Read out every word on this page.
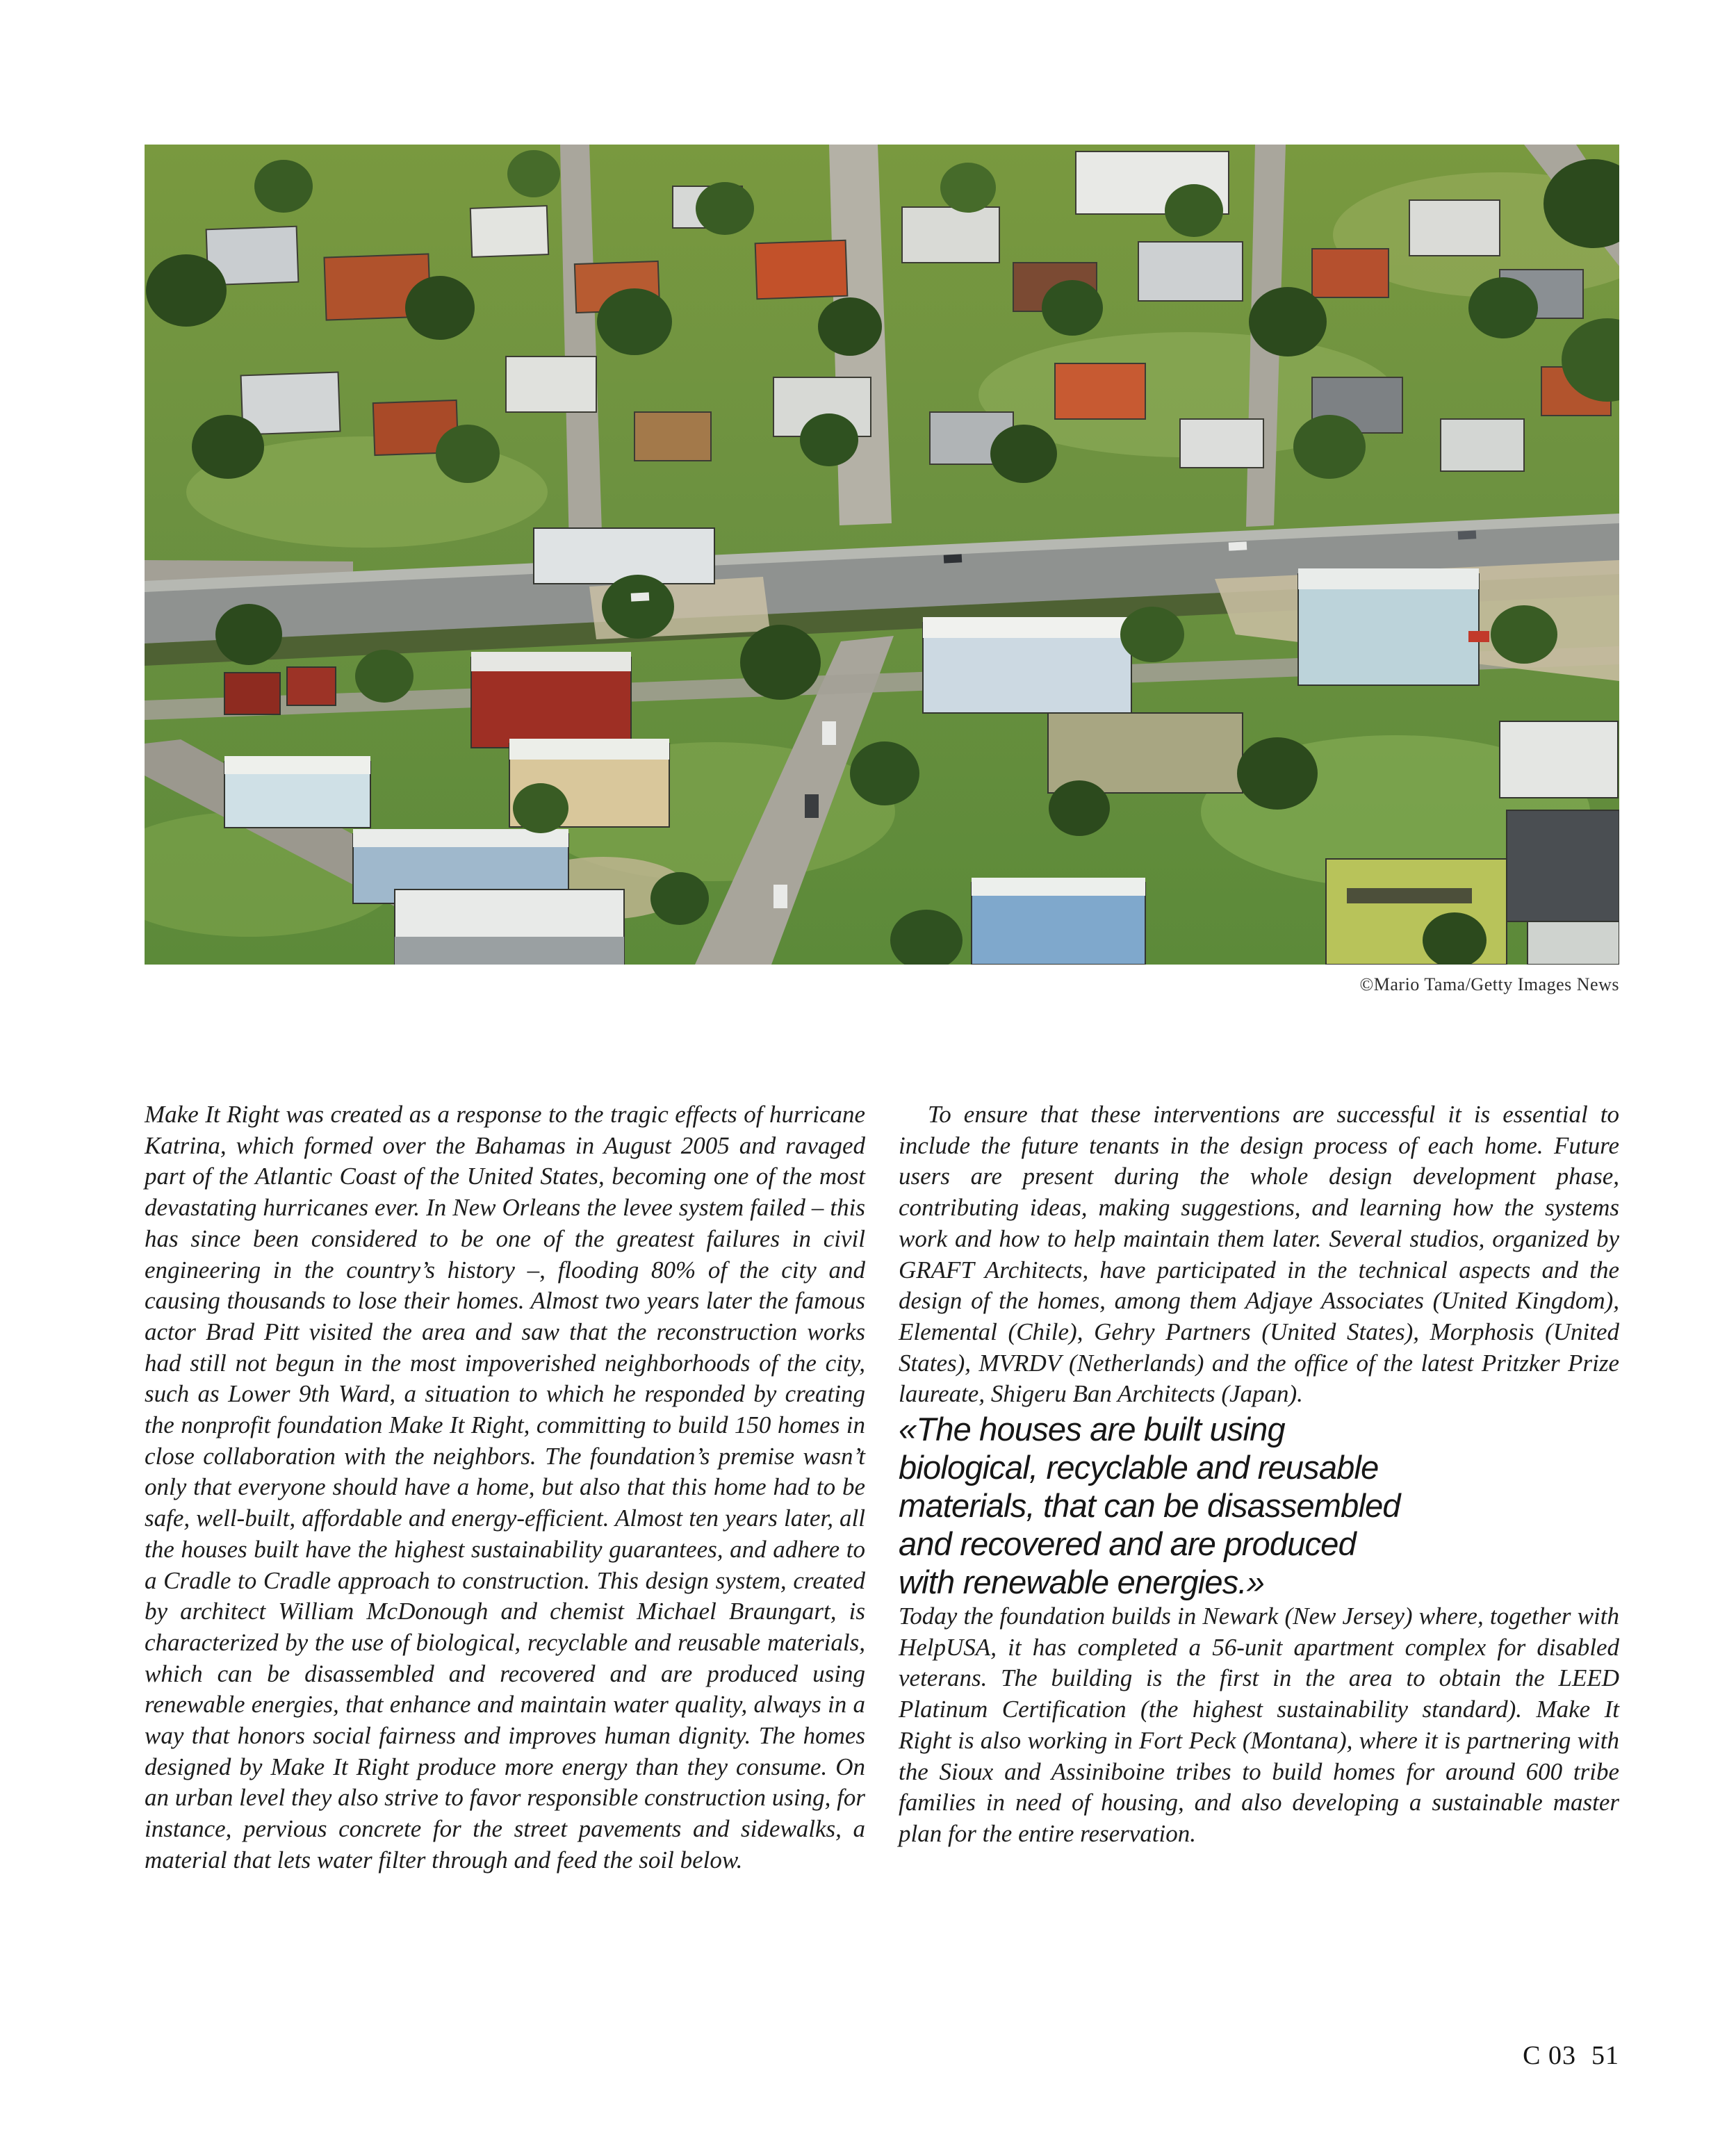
©Mario Tama/Getty Images News

Make It Right was created as a response to the tragic effects of hurricane Katrina, which formed over the Bahamas in August 2005 and ravaged part of the Atlantic Coast of the United States, becoming one of the most devastating hurricanes ever. In New Orleans the levee system failed – this has since been considered to be one of the greatest failures in civil engineering in the country’s history –, flooding 80% of the city and causing thousands to lose their homes. Almost two years later the famous actor Brad Pitt visited the area and saw that the reconstruction works had still not begun in the most impoverished neighborhoods of the city, such as Lower 9th Ward, a situation to which he responded by creating the nonprofit foundation Make It Right, committing to build 150 homes in close collaboration with the neighbors. The foundation’s premise wasn’t only that everyone should have a home, but also that this home had to be safe, well-built, affordable and energy-efficient. Almost ten years later, all the houses built have the highest sustainability guarantees, and adhere to a Cradle to Cradle approach to construction. This design system, created by architect William McDonough and chemist Michael Braungart, is characterized by the use of biological, recyclable and reusable materials, which can be disassembled and recovered and are produced using renewable energies, that enhance and maintain water quality, always in a way that honors social fairness and improves human dignity. The homes designed by Make It Right produce more energy than they consume. On an urban level they also strive to favor responsible construction using, for instance, pervious concrete for the street pavements and sidewalks, a material that lets water filter through and feed the soil below.

To ensure that these interventions are successful it is essential to include the future tenants in the design process of each home. Future users are present during the whole design development phase, contributing ideas, making suggestions, and learning how the systems work and how to help maintain them later. Several studios, organized by GRAFT Architects, have participated in the technical aspects and the design of the homes, among them Adjaye Associates (United Kingdom), Elemental (Chile), Gehry Partners (United States), Morphosis (United States), MVRDV (Netherlands) and the office of the latest Pritzker Prize laureate, Shigeru Ban Architects (Japan).

«The houses are built using biological, recyclable and reusable materials, that can be disassembled and recovered and are produced with renewable energies.»

Today the foundation builds in Newark (New Jersey) where, together with HelpUSA, it has completed a 56-unit apartment complex for disabled veterans. The building is the first in the area to obtain the LEED Platinum Certification (the highest sustainability standard). Make It Right is also working in Fort Peck (Montana), where it is partnering with the Sioux and Assiniboine tribes to build homes for around 600 tribe families in need of housing, and also developing a sustainable master plan for the entire reservation.

C 03 51
